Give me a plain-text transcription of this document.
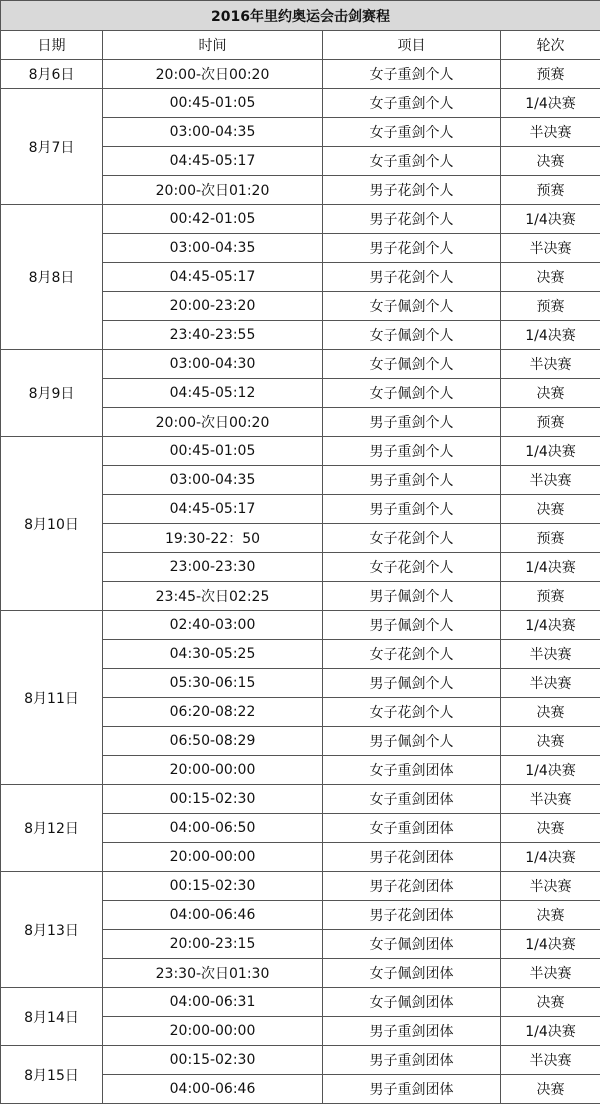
2016年里约奥运会击剑赛程			
日期	时间	项目	轮次
8月6日	20:00-次日00:20	女子重剑个人	预赛
8月7日	00:45-01:05	女子重剑个人	1/4决赛
	03:00-04:35	女子重剑个人	半决赛
	04:45-05:17	女子重剑个人	决赛
	20:00-次日01:20	男子花剑个人	预赛
8月8日	00:42-01:05	男子花剑个人	1/4决赛
	03:00-04:35	男子花剑个人	半决赛
	04:45-05:17	男子花剑个人	决赛
	20:00-23:20	女子佩剑个人	预赛
	23:40-23:55	女子佩剑个人	1/4决赛
8月9日	03:00-04:30	女子佩剑个人	半决赛
	04:45-05:12	女子佩剑个人	决赛
	20:00-次日00:20	男子重剑个人	预赛
8月10日	00:45-01:05	男子重剑个人	1/4决赛
	03:00-04:35	男子重剑个人	半决赛
	04:45-05:17	男子重剑个人	决赛
	19:30-22：50	女子花剑个人	预赛
	23:00-23:30	女子花剑个人	1/4决赛
	23:45-次日02:25	男子佩剑个人	预赛
8月11日	02:40-03:00	男子佩剑个人	1/4决赛
	04:30-05:25	女子花剑个人	半决赛
	05:30-06:15	男子佩剑个人	半决赛
	06:20-08:22	女子花剑个人	决赛
	06:50-08:29	男子佩剑个人	决赛
	20:00-00:00	女子重剑团体	1/4决赛
8月12日	00:15-02:30	女子重剑团体	半决赛
	04:00-06:50	女子重剑团体	决赛
	20:00-00:00	男子花剑团体	1/4决赛
8月13日	00:15-02:30	男子花剑团体	半决赛
	04:00-06:46	男子花剑团体	决赛
	20:00-23:15	女子佩剑团体	1/4决赛
	23:30-次日01:30	女子佩剑团体	半决赛
8月14日	04:00-06:31	女子佩剑团体	决赛
	20:00-00:00	男子重剑团体	1/4决赛
8月15日	00:15-02:30	男子重剑团体	半决赛
	04:00-06:46	男子重剑团体	决赛
